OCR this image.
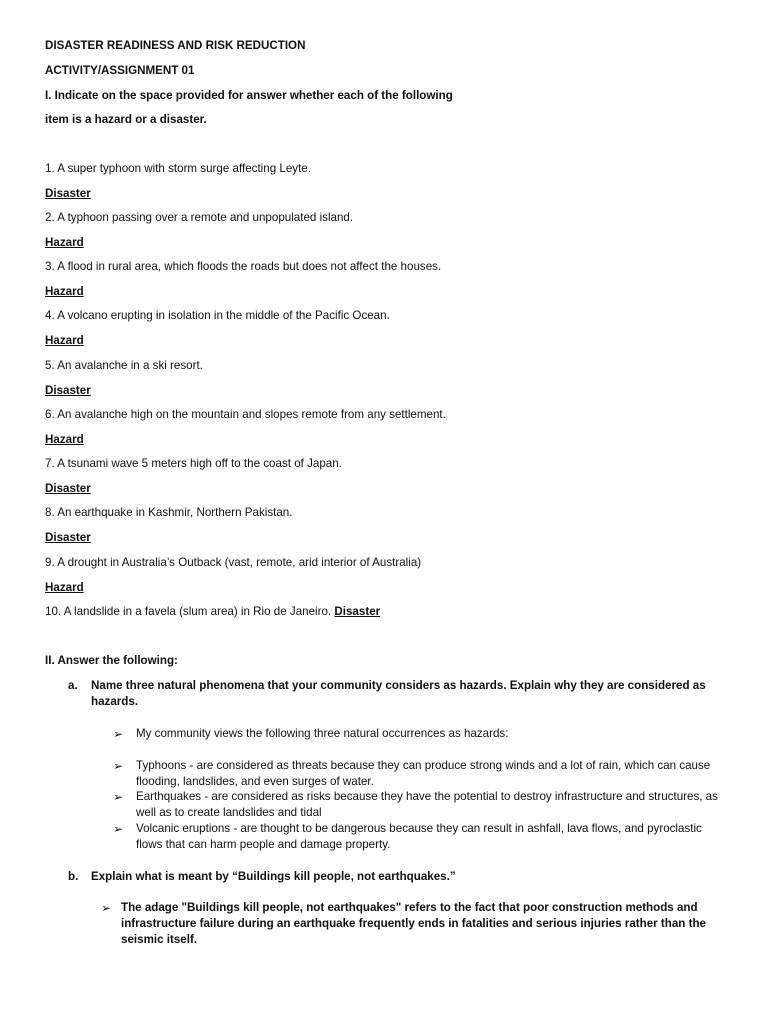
DISASTER READINESS AND RISK REDUCTION
ACTIVITY/ASSIGNMENT 01
I. Indicate on the space provided for answer whether each of the following
item is a hazard or a disaster.
1. A super typhoon with storm surge affecting Leyte.
Disaster
2. A typhoon passing over a remote and unpopulated island.
Hazard
3. A flood in rural area, which floods the roads but does not affect the houses.
Hazard
4. A volcano erupting in isolation in the middle of the Pacific Ocean.
Hazard
5. An avalanche in a ski resort.
Disaster
6. An avalanche high on the mountain and slopes remote from any settlement.
Hazard
7. A tsunami wave 5 meters high off to the coast of Japan.
Disaster
8. An earthquake in Kashmir, Northern Pakistan.
Disaster
9. A drought in Australia’s Outback (vast, remote, arid interior of Australia)
Hazard
10. A landslide in a favela (slum area) in Rio de Janeiro. Disaster
II. Answer the following:
a. Name three natural phenomena that your community considers as hazards. Explain why they are considered as hazards.
➢ My community views the following three natural occurrences as hazards:
➢ Typhoons - are considered as threats because they can produce strong winds and a lot of rain, which can cause flooding, landslides, and even surges of water.
➢ Earthquakes - are considered as risks because they have the potential to destroy infrastructure and structures, as well as to create landslides and tidal
➢ Volcanic eruptions - are thought to be dangerous because they can result in ashfall, lava flows, and pyroclastic flows that can harm people and damage property.
b. Explain what is meant by “Buildings kill people, not earthquakes.”
➢ The adage "Buildings kill people, not earthquakes" refers to the fact that poor construction methods and infrastructure failure during an earthquake frequently ends in fatalities and serious injuries rather than the seismic itself.
